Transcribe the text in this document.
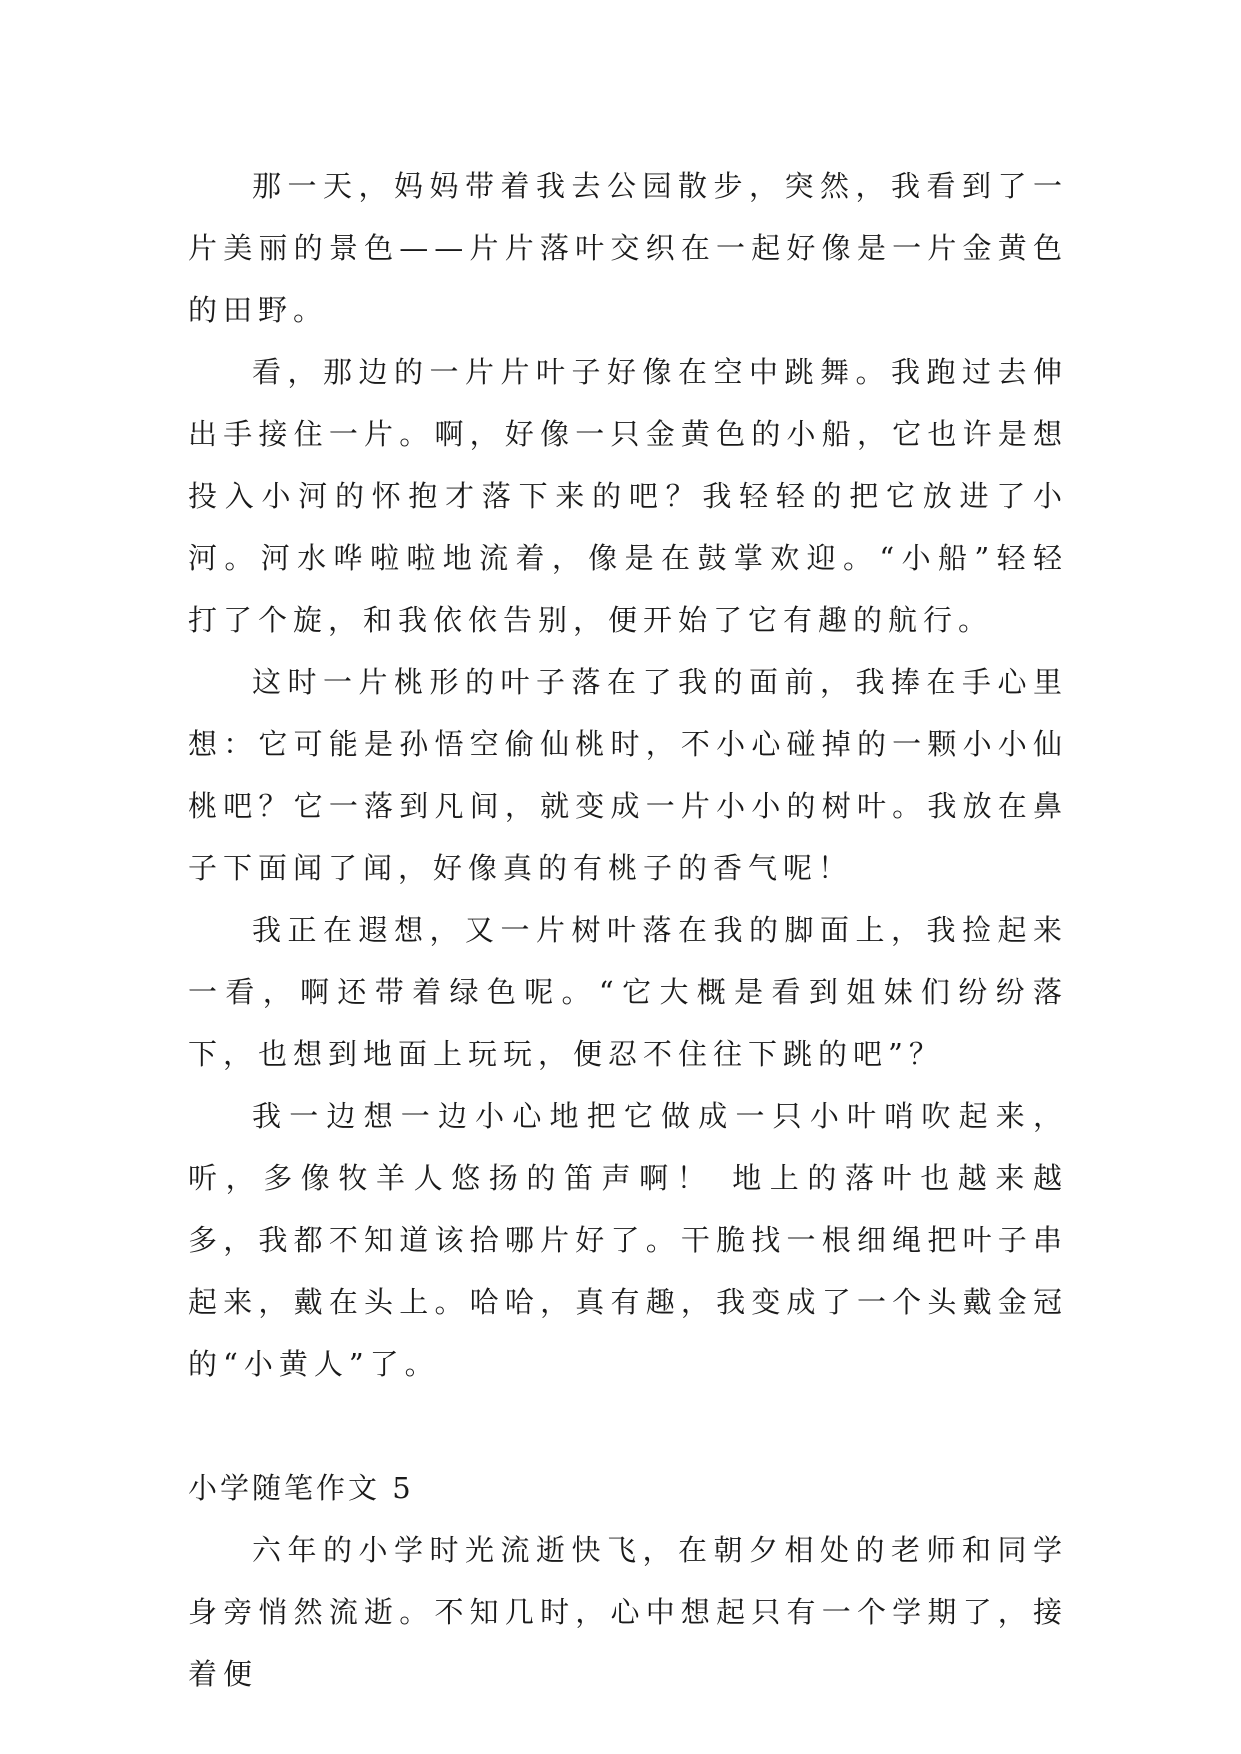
那一天，妈妈带着我去公园散步，突然，我看到了一片美丽的景色——片片落叶交织在一起好像是一片金黄色的田野。

看，那边的一片片叶子好像在空中跳舞。我跑过去伸出手接住一片。啊，好像一只金黄色的小船，它也许是想投入小河的怀抱才落下来的吧？我轻轻的把它放进了小河。河水哗啦啦地流着，像是在鼓掌欢迎。“小船”轻轻打了个旋，和我依依告别，便开始了它有趣的航行。

这时一片桃形的叶子落在了我的面前，我捧在手心里想：它可能是孙悟空偷仙桃时，不小心碰掉的一颗小小仙桃吧？它一落到凡间，就变成一片小小的树叶。我放在鼻子下面闻了闻，好像真的有桃子的香气呢！

我正在遐想，又一片树叶落在我的脚面上，我捡起来一看，啊还带着绿色呢。“它大概是看到姐妹们纷纷落下，也想到地面上玩玩，便忍不住往下跳的吧”？

我一边想一边小心地把它做成一只小叶哨吹起来，听，多像牧羊人悠扬的笛声啊！ 地上的落叶也越来越多，我都不知道该拾哪片好了。干脆找一根细绳把叶子串起来，戴在头上。哈哈，真有趣，我变成了一个头戴金冠的“小黄人”了。

小学随笔作文 5

六年的小学时光流逝快飞，在朝夕相处的老师和同学身旁悄然流逝。不知几时，心中想起只有一个学期了，接着便
